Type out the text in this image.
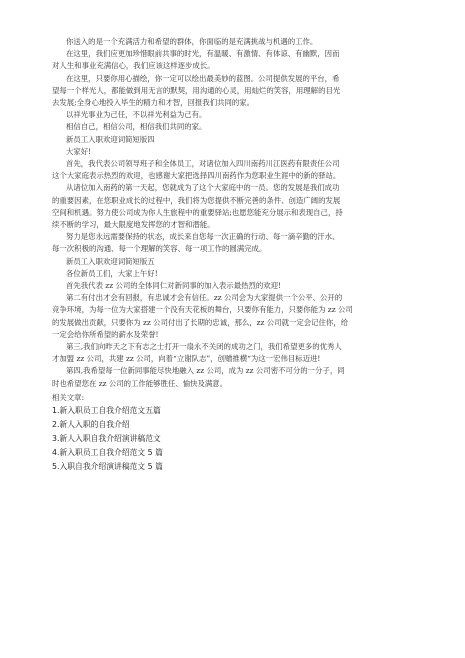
你送入的是一个充满活力和希望的群体，你面临的是充满挑战与机遇的工作。

在这里，我们应更加珍惜眼前共事的时光，有温暖、有激情、有体谅、有幽默，因而

对人生和事业充满信心，我们应该这样逐步成长。

在这里，只要你用心描绘，你一定可以绘出最美妙的蓝图。公司提供发展的平台，希

望每一个样光人，都能做到用无言的默契，用沟通的心灵，用灿烂的笑容，用理解的目光

去发展;全身心地投入毕生的精力和才智，回报我们共同的家。

以祥光事业为己任，不以祥光利益为己有。

相信自己，相信公司，相信我们共同的家。

新员工入职欢迎词简短版四

大家好!

首先，我代表公司领导班子和全体员工，对诸位加入四川南药川江医药有限责任公司

这个大家庭表示热烈的欢迎，也感谢大家把选择四川南药作为您职业生涯中的新的驿站。

从诸位加入南药的第一天起，您就成为了这个大家庭中的一员。您的发展是我们成功

的重要因素，在您职业成长的过程中，我们将为您提供不断完善的条件、创造广阔的发展

空间和机遇。努力使公司成为你人生旅程中的重要驿站;也愿您能充分展示和表现自己，持

续不断的学习，最大限度地发挥您的才智和潜能。

努力是您永远需要保持的状态，成长来自您每一次正确的行动、每一滴辛勤的汗水、

每一次积极的沟通、每一个理解的笑容、每一项工作的圆满完成。

新员工入职欢迎词简短版五

各位新员工们，大家上午好!

首先我代表 zz 公司的全体同仁对新同事的加入表示最热烈的欢迎!

第二有付出才会有回报，有忠诚才会有信任。zz 公司会为大家提供一个公平、公开的

竞争环境，为每一位为大家搭建一个没有天花板的舞台，只要你有能力，只要你能为 zz 公司

的发展做出贡献，只要你为 zz 公司付出了长期的忠诚，那么，zz 公司就一定会记住你，给

一定会给你所希望的薪水及荣誉!

第三,我们向昨天之下有志之士打开一扇永不关闭的成功之门，我们希望更多的优秀人

才加盟 zz 公司，共建 zz 公司，向着“立谢队志”，创赠推横“为这一宏伟目标迈进!

第四,我希望每一位新同事能尽快地融入 zz 公司，成为 zz 公司密不可分的一分子，同

时也希望您在 zz 公司的工作能够胜任、愉快及满意。

相关文章:

1.新入职员工自我介绍范文五篇

2.新人入职的自我介绍

3.新人入职自我介绍演讲稿范文

4.新入职员工自我介绍范文 5 篇

5.入职自我介绍演讲稿范文 5 篇
